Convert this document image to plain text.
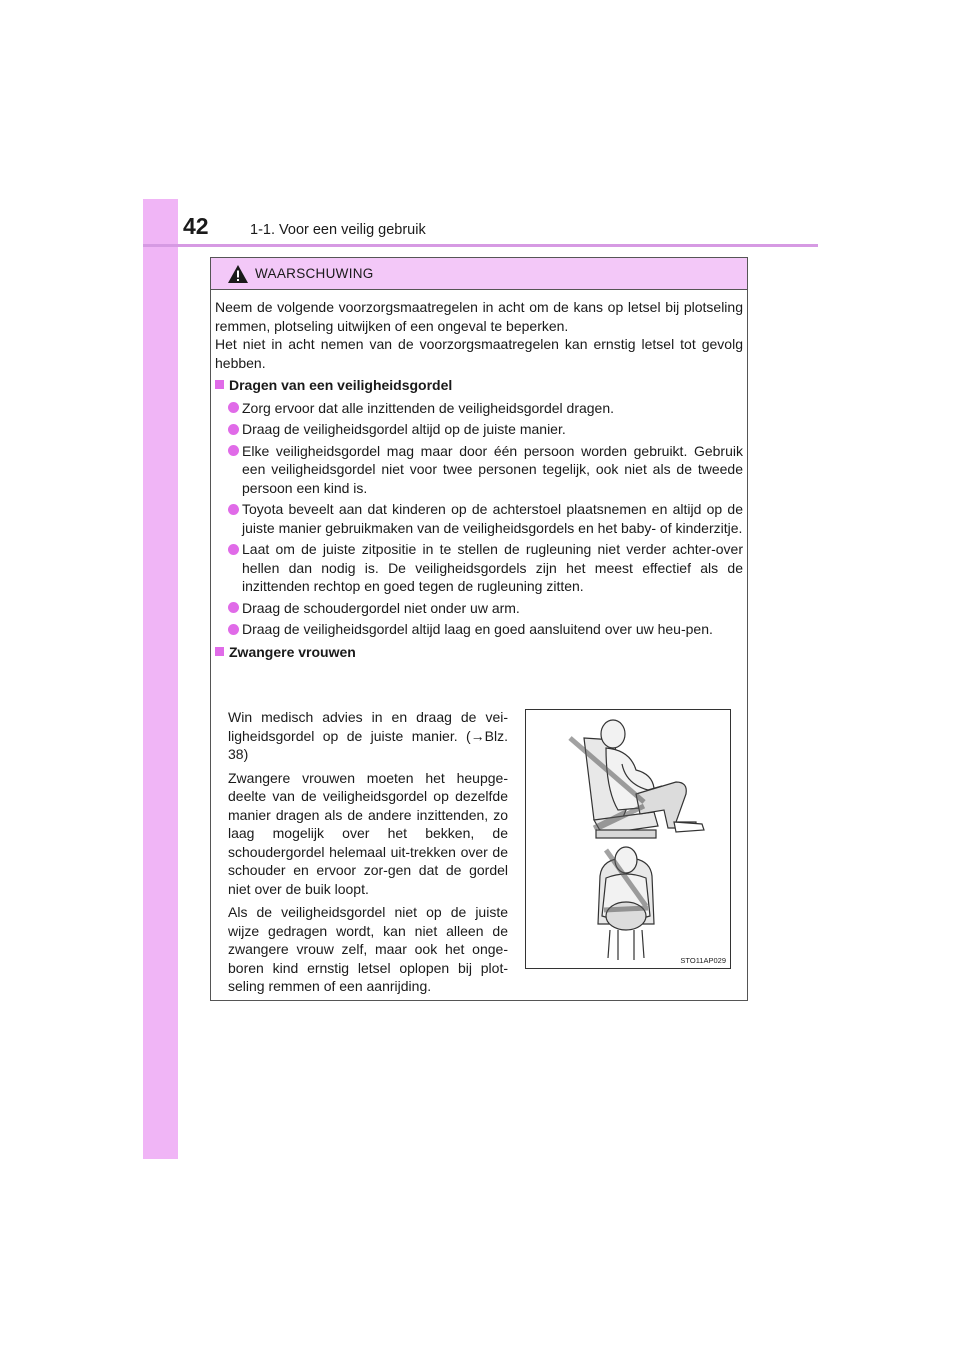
42	1-1. Voor een veilig gebruik
WAARSCHUWING

Neem de volgende voorzorgsmaatregelen in acht om de kans op letsel bij plotseling remmen, plotseling uitwijken of een ongeval te beperken.

Het niet in acht nemen van de voorzorgsmaatregelen kan ernstig letsel tot gevolg hebben.

Dragen van een veiligheidsgordel
Zorg ervoor dat alle inzittenden de veiligheidsgordel dragen.
Draag de veiligheidsgordel altijd op de juiste manier.
Elke veiligheidsgordel mag maar door één persoon worden gebruikt. Gebruik een veiligheidsgordel niet voor twee personen tegelijk, ook niet als de tweede persoon een kind is.
Toyota beveelt aan dat kinderen op de achterstoel plaatsnemen en altijd op de juiste manier gebruikmaken van de veiligheidsgordels en het baby- of kinderzitje.
Laat om de juiste zitpositie in te stellen de rugleuning niet verder achter-over hellen dan nodig is. De veiligheidsgordels zijn het meest effectief als de inzittenden rechtop en goed tegen de rugleuning zitten.
Draag de schoudergordel niet onder uw arm.
Draag de veiligheidsgordel altijd laag en goed aansluitend over uw heu-pen.
Zwangere vrouwen

Win medisch advies in en draag de vei-ligheidsgordel op de juiste manier. (→Blz. 38)

Zwangere vrouwen moeten het heupge-deelte van de veiligheidsgordel op dezelfde manier dragen als de andere inzittenden, zo laag mogelijk over het bekken, de schoudergordel helemaal uit-trekken over de schouder en ervoor zor-gen dat de gordel niet over de buik loopt.

Als de veiligheidsgordel niet op de juiste wijze gedragen wordt, kan niet alleen de zwangere vrouw zelf, maar ook het onge-boren kind ernstig letsel oplopen bij plot-seling remmen of een aanrijding.

STO11AP029
